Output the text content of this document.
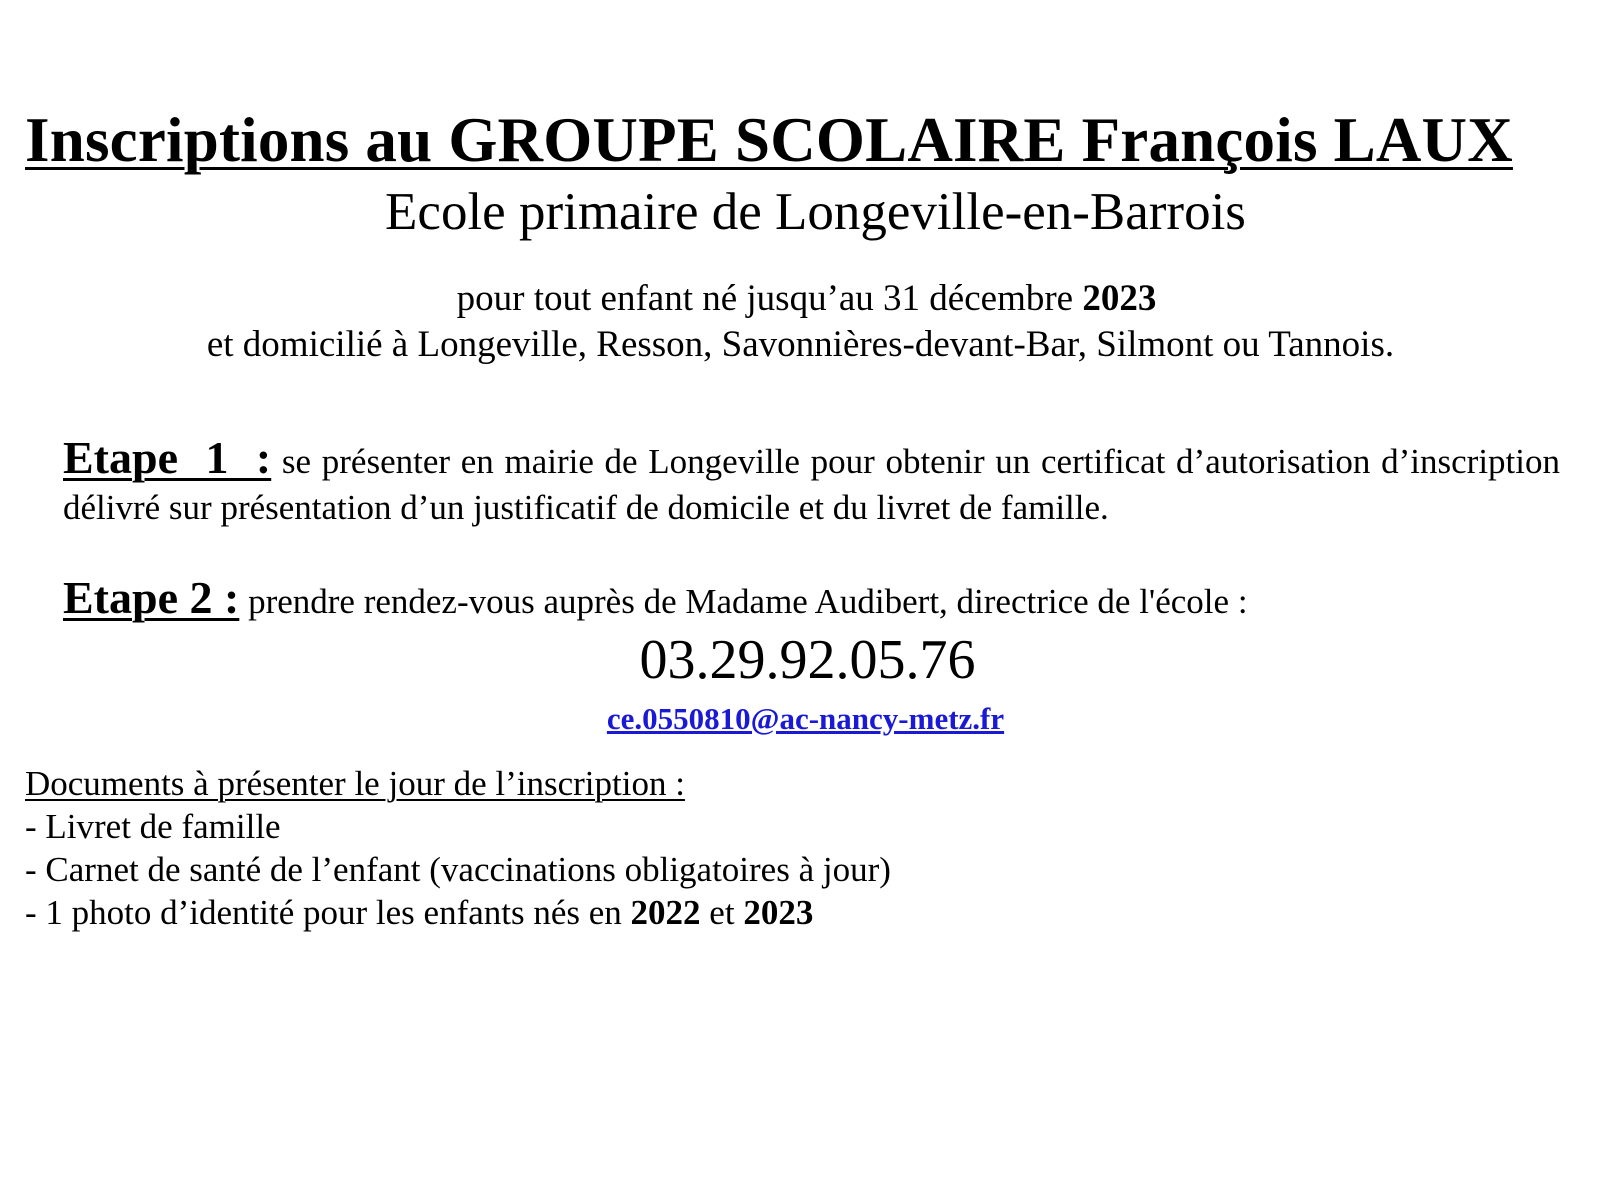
Inscriptions au GROUPE SCOLAIRE François LAUX
Ecole primaire de Longeville-en-Barrois
pour tout enfant né jusqu’au 31 décembre 2023
et domicilié à Longeville, Resson, Savonnières-devant-Bar, Silmont ou Tannois.
Etape 1 : se présenter en mairie de Longeville pour obtenir un certificat d’autorisation d’inscription délivré sur présentation d’un justificatif de domicile et du livret de famille.
Etape 2 : prendre rendez-vous auprès de Madame Audibert, directrice de l'école :
03.29.92.05.76
ce.0550810@ac-nancy-metz.fr
Documents à présenter le jour de l’inscription :
- Livret de famille
- Carnet de santé de l’enfant (vaccinations obligatoires à jour)
- 1 photo d’identité pour les enfants nés en 2022 et 2023
